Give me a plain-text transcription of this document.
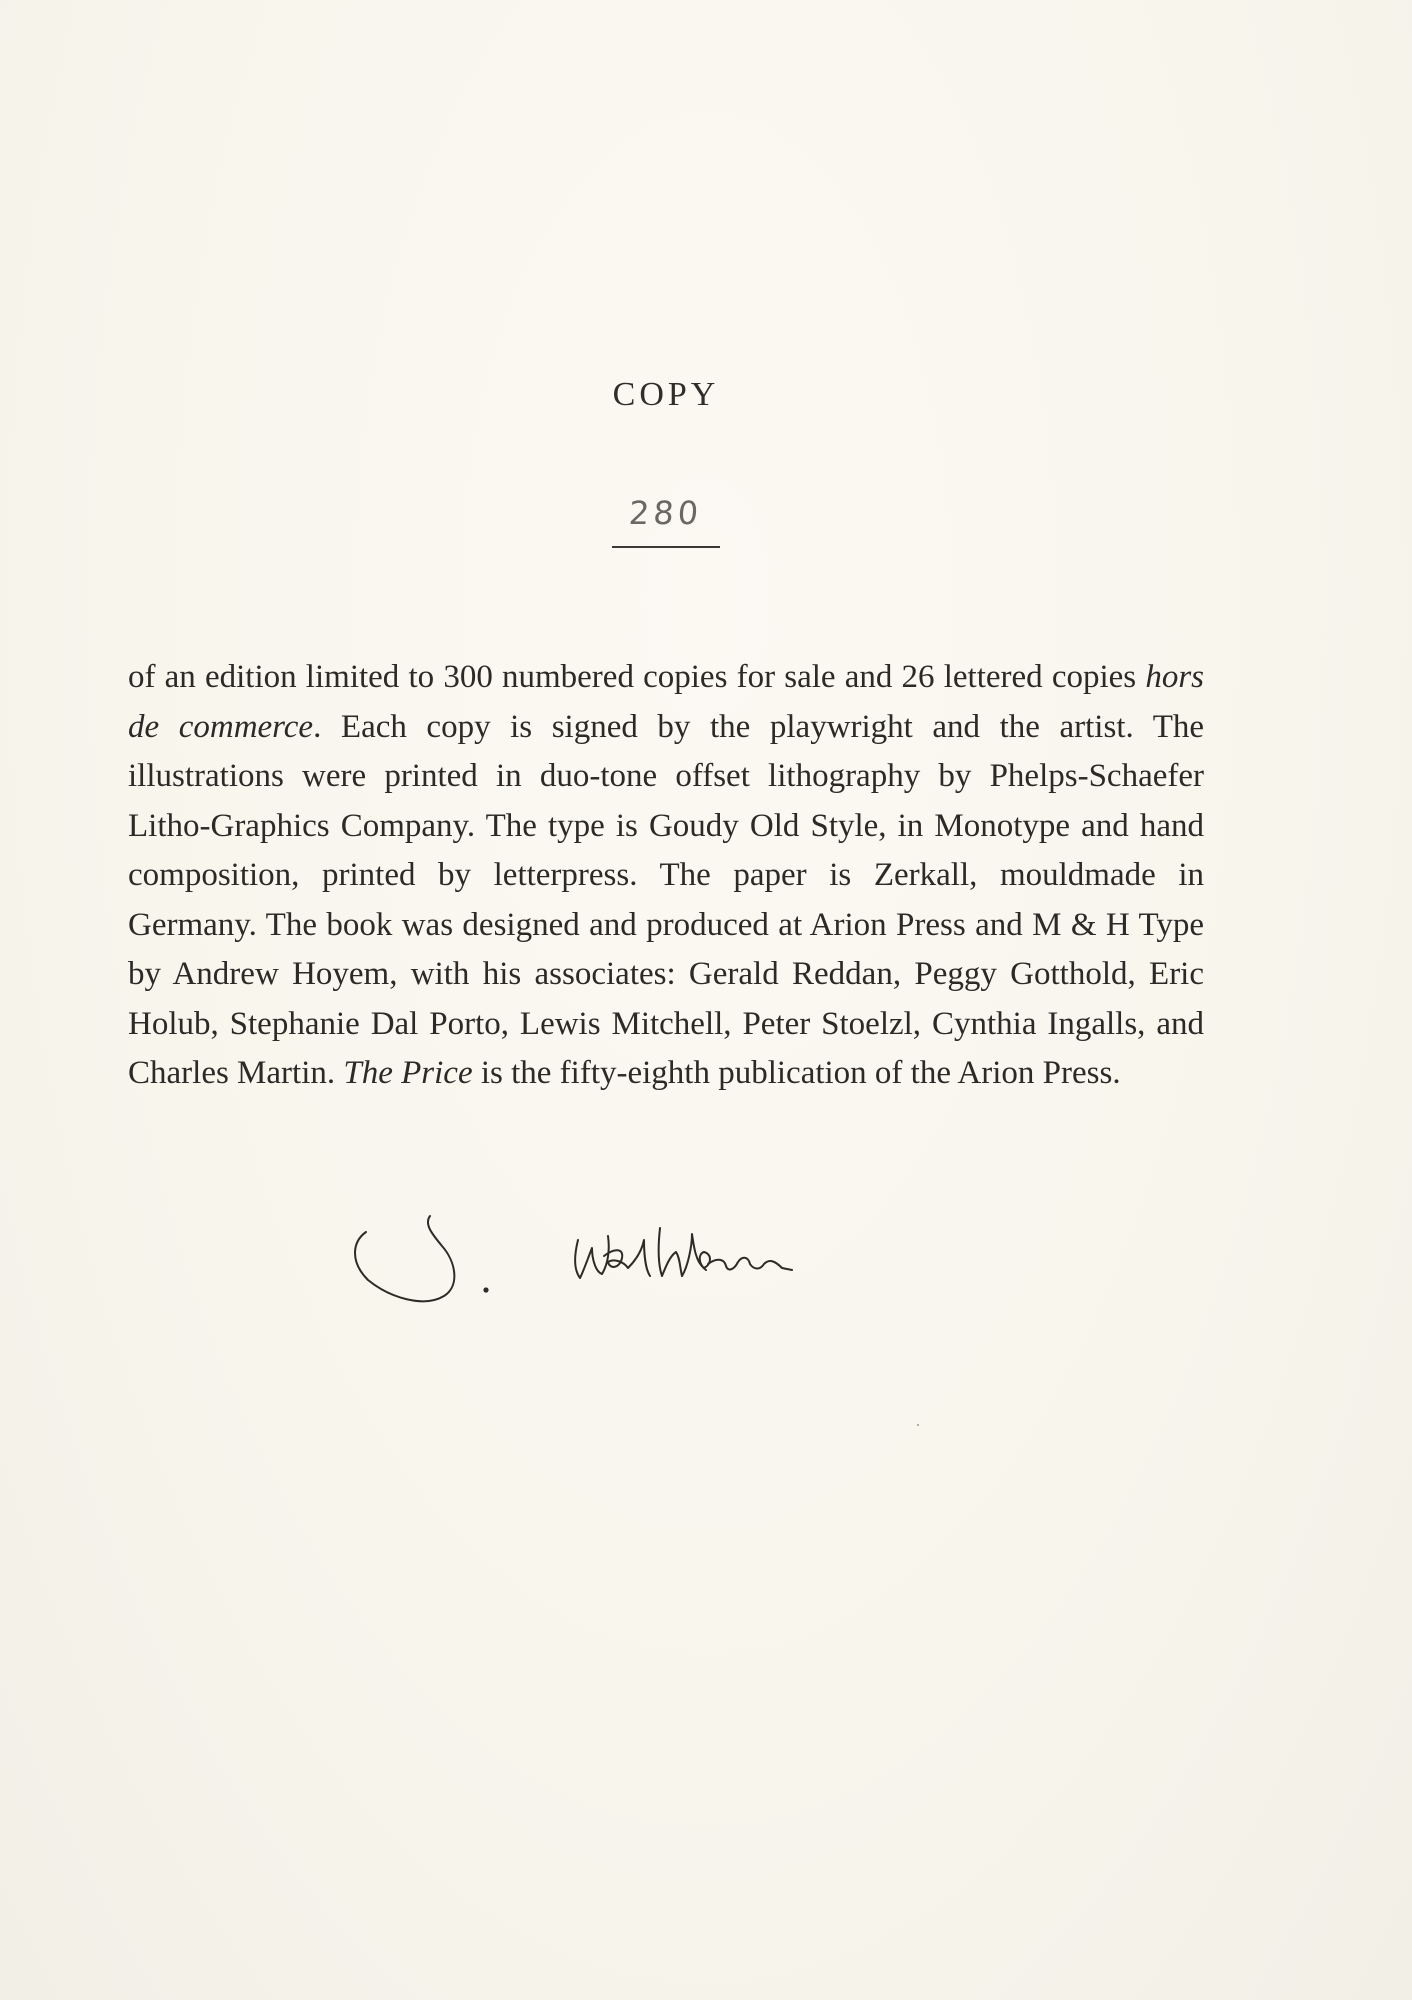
COPY
280

of an edition limited to 300 numbered copies for sale and 26 lettered copies hors de commerce. Each copy is signed by the playwright and the artist. The illustrations were printed in duo-tone offset lithography by Phelps-Schaefer Litho-Graphics Company. The type is Goudy Old Style, in Monotype and hand composition, printed by letterpress. The paper is Zerkall, mouldmade in Germany. The book was designed and produced at Arion Press and M & H Type by Andrew Hoyem, with his associates: Gerald Reddan, Peggy Gotthold, Eric Holub, Stephanie Dal Porto, Lewis Mitchell, Peter Stoelzl, Cynthia Ingalls, and Charles Martin. The Price is the fifty-eighth publication of the Arion Press.
